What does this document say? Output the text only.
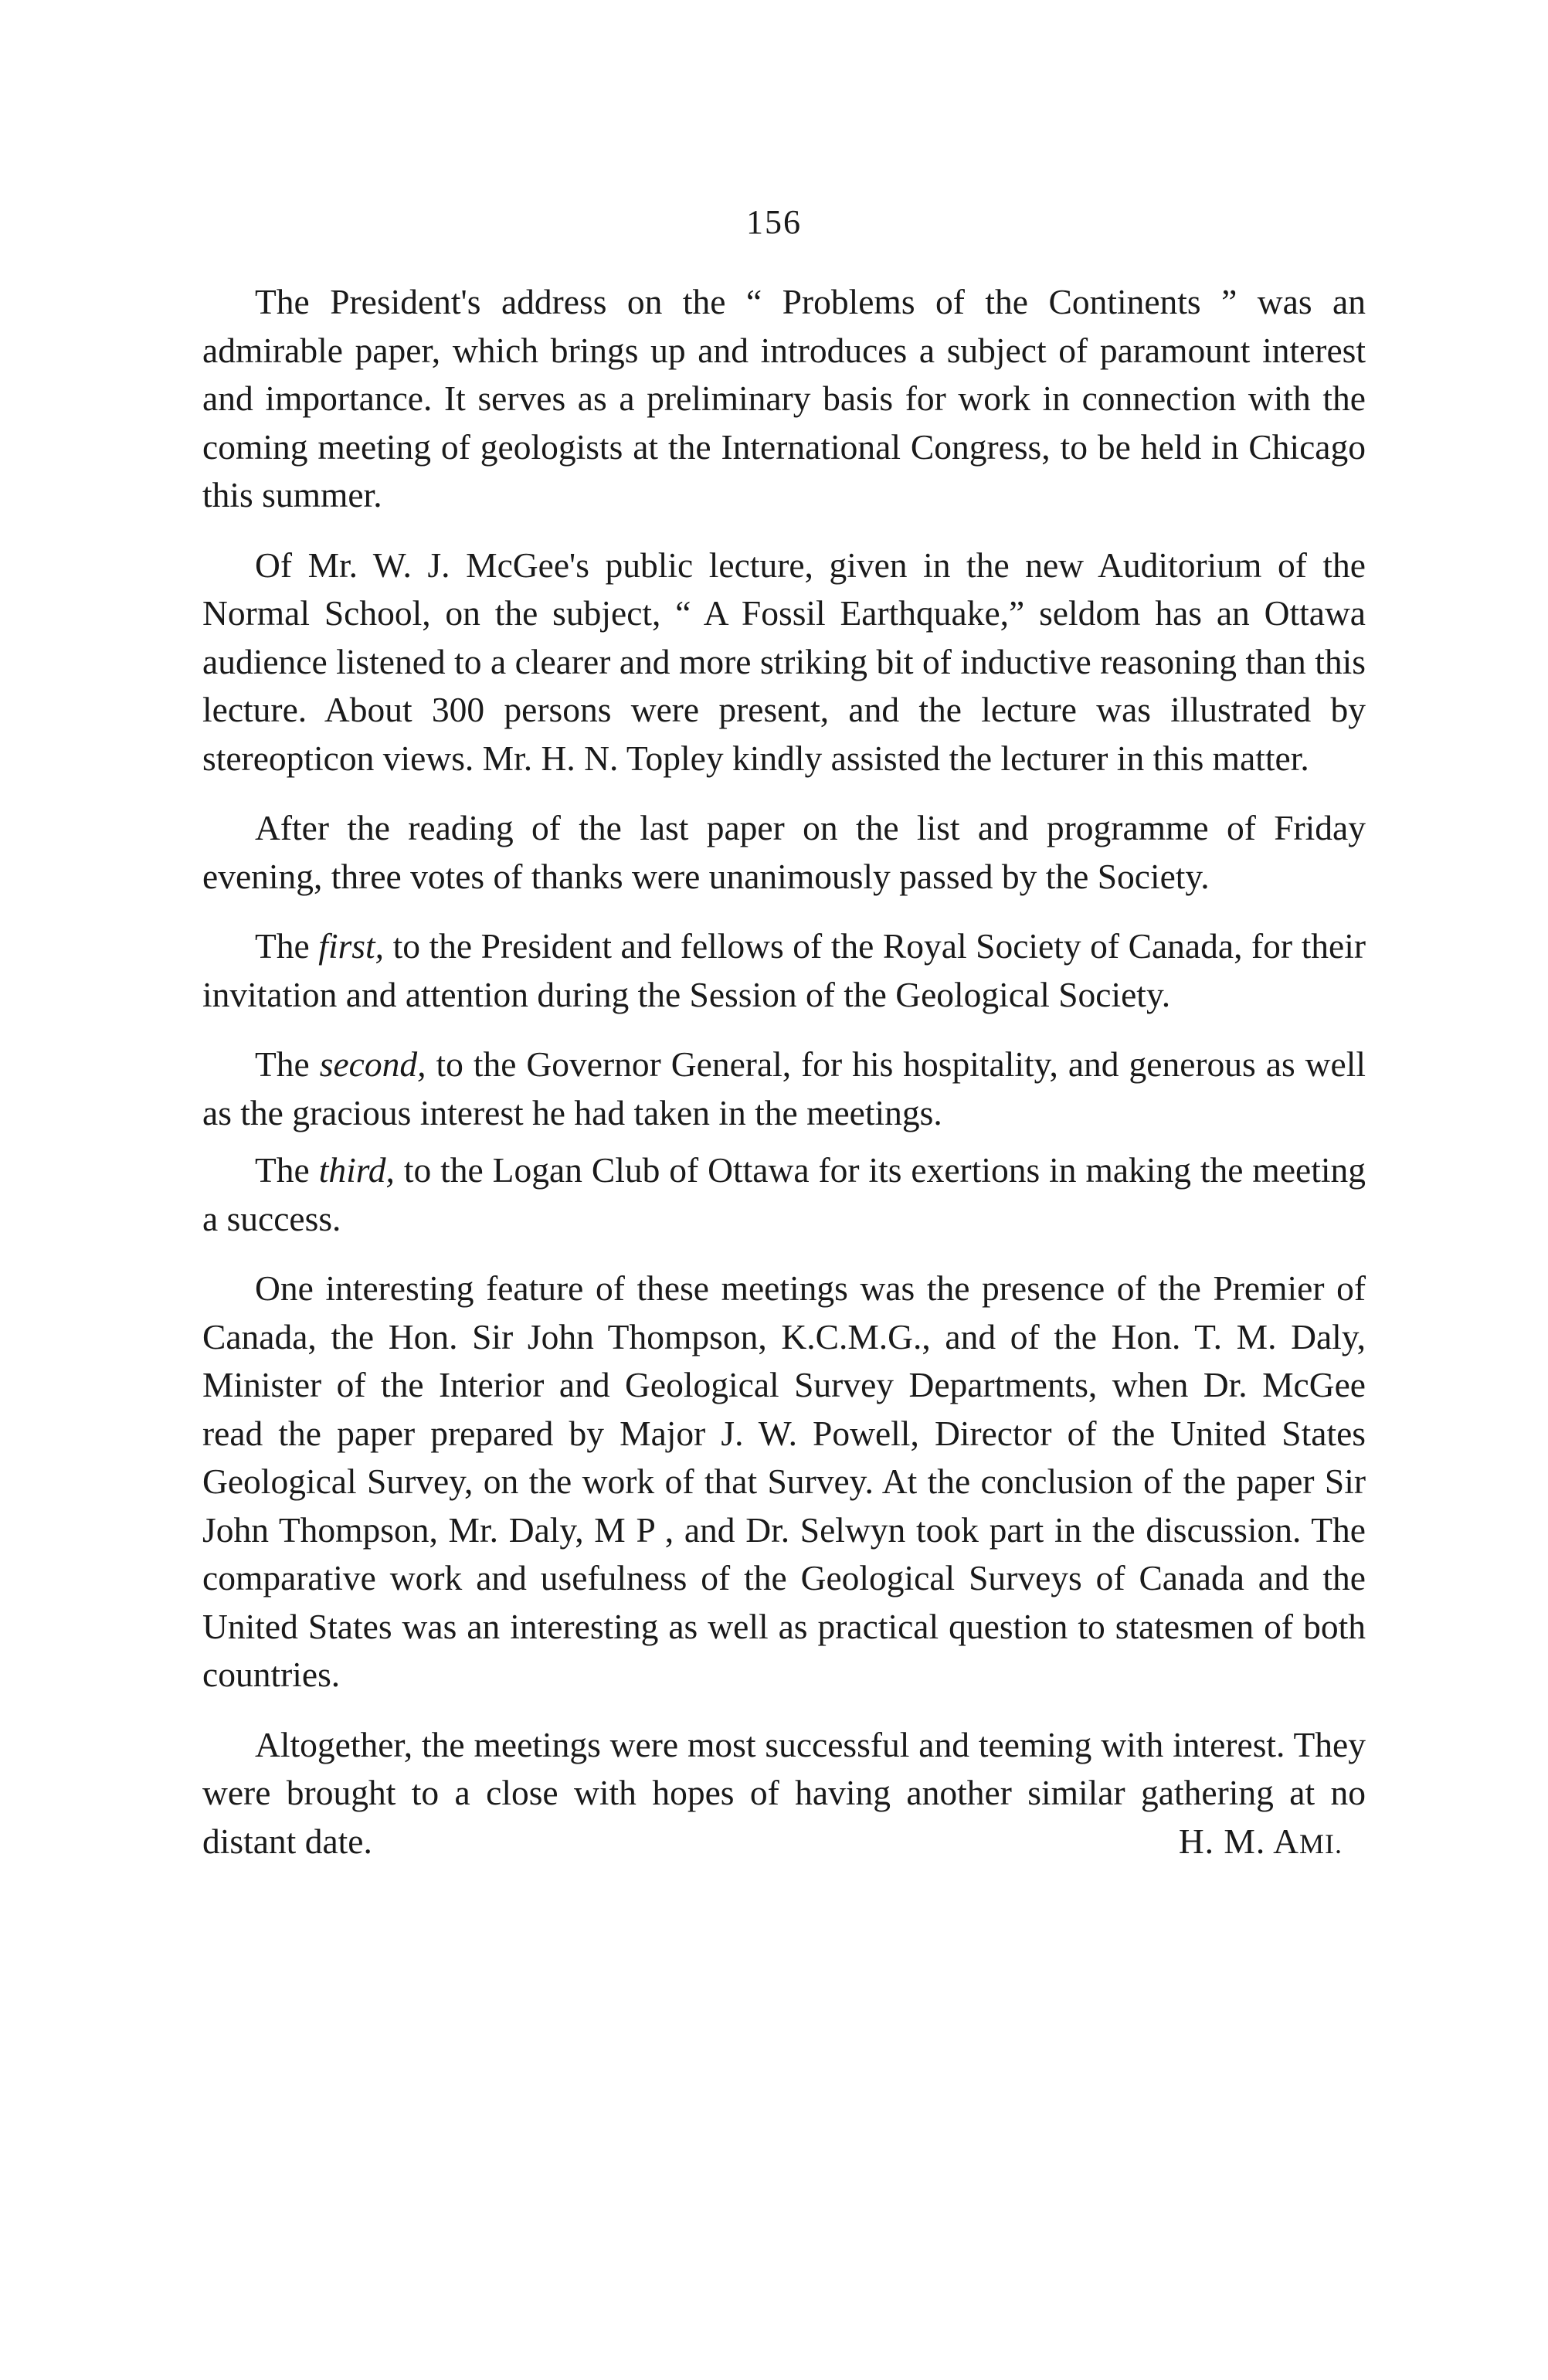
156

The President's address on the “ Problems of the Continents ” was an admirable paper, which brings up and introduces a subject of paramount interest and importance. It serves as a preliminary basis for work in connection with the coming meeting of geologists at the International Congress, to be held in Chicago this summer.

Of Mr. W. J. McGee's public lecture, given in the new Auditorium of the Normal School, on the subject, “ A Fossil Earthquake,” seldom has an Ottawa audience listened to a clearer and more striking bit of inductive reasoning than this lecture. About 300 persons were present, and the lecture was illustrated by stereopticon views. Mr. H. N. Topley kindly assisted the lecturer in this matter.

After the reading of the last paper on the list and programme of Friday evening, three votes of thanks were unanimously passed by the Society.

The first, to the President and fellows of the Royal Society of Canada, for their invitation and attention during the Session of the Geological Society.

The second, to the Governor General, for his hospitality, and generous as well as the gracious interest he had taken in the meetings.

The third, to the Logan Club of Ottawa for its exertions in making the meeting a success.

One interesting feature of these meetings was the presence of the Premier of Canada, the Hon. Sir John Thompson, K.C.M.G., and of the Hon. T. M. Daly, Minister of the Interior and Geological Survey Departments, when Dr. McGee read the paper prepared by Major J. W. Powell, Director of the United States Geological Survey, on the work of that Survey. At the conclusion of the paper Sir John Thompson, Mr. Daly, M P , and Dr. Selwyn took part in the discussion. The comparative work and usefulness of the Geological Surveys of Canada and the United States was an interesting as well as practical question to statesmen of both countries.

Altogether, the meetings were most successful and teeming with interest. They were brought to a close with hopes of having another similar gathering at no distant date.	H. M. AMI.
